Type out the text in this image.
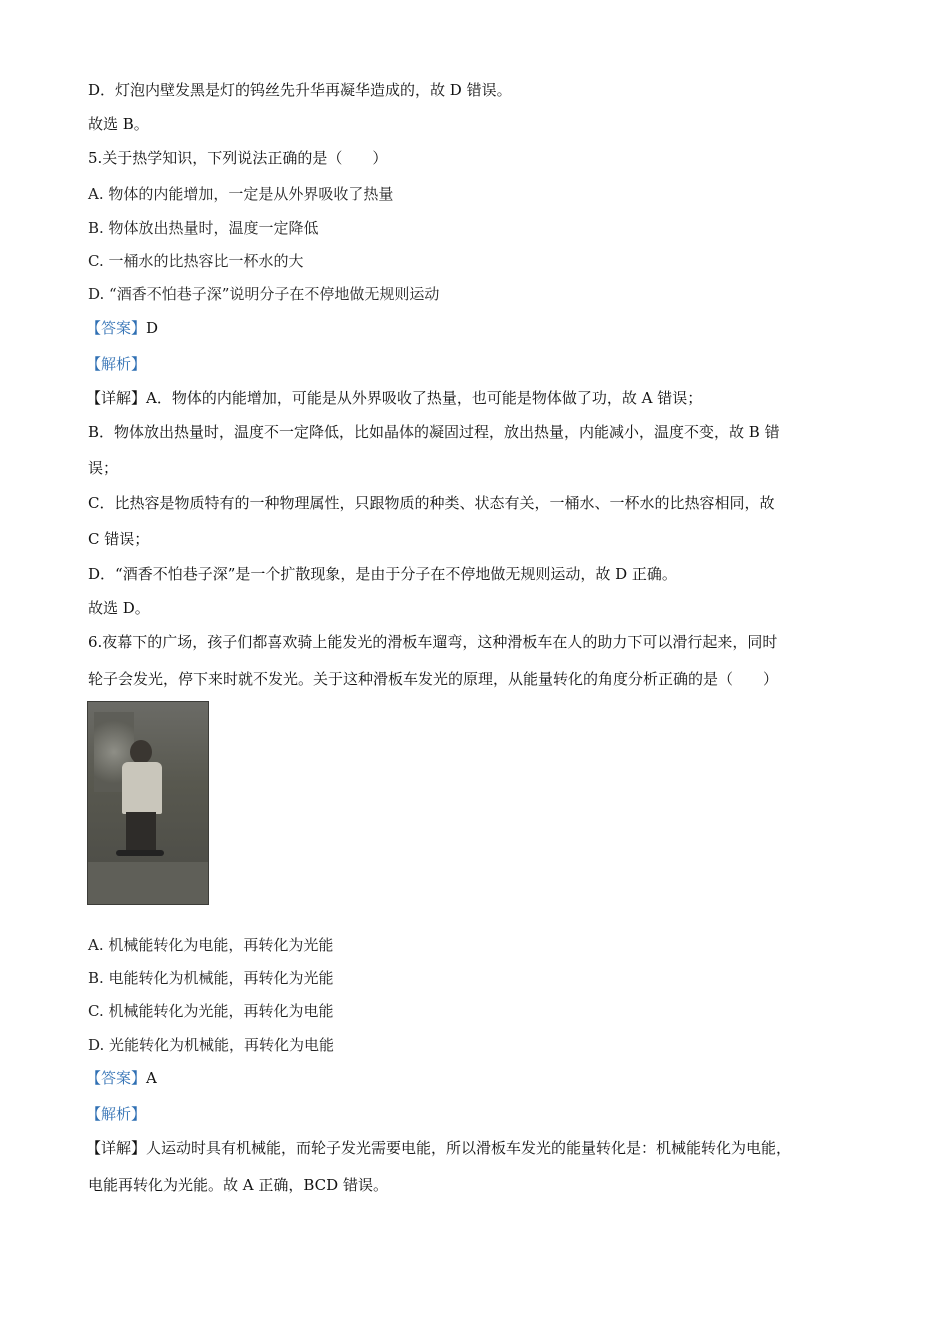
D．灯泡内壁发黑是灯的钨丝先升华再凝华造成的，故 D 错误。
故选 B。
5.关于热学知识，下列说法正确的是（　　）
A. 物体的内能增加，一定是从外界吸收了热量
B. 物体放出热量时，温度一定降低
C. 一桶水的比热容比一杯水的大
D. “酒香不怕巷子深”说明分子在不停地做无规则运动
【答案】D
【解析】
【详解】A．物体的内能增加，可能是从外界吸收了热量，也可能是物体做了功，故 A 错误；
B．物体放出热量时，温度不一定降低，比如晶体的凝固过程，放出热量，内能减小，温度不变，故 B 错
误；
C．比热容是物质特有的一种物理属性，只跟物质的种类、状态有关，一桶水、一杯水的比热容相同，故
C 错误；
D．“酒香不怕巷子深”是一个扩散现象，是由于分子在不停地做无规则运动，故 D 正确。
故选 D。
6.夜幕下的广场，孩子们都喜欢骑上能发光的滑板车遛弯，这种滑板车在人的助力下可以滑行起来，同时
轮子会发光，停下来时就不发光。关于这种滑板车发光的原理，从能量转化的角度分析正确的是（　　）
A. 机械能转化为电能，再转化为光能
B. 电能转化为机械能，再转化为光能
C. 机械能转化为光能，再转化为电能
D. 光能转化为机械能，再转化为电能
【答案】A
【解析】
【详解】人运动时具有机械能，而轮子发光需要电能，所以滑板车发光的能量转化是：机械能转化为电能，
电能再转化为光能。故 A 正确，BCD 错误。
